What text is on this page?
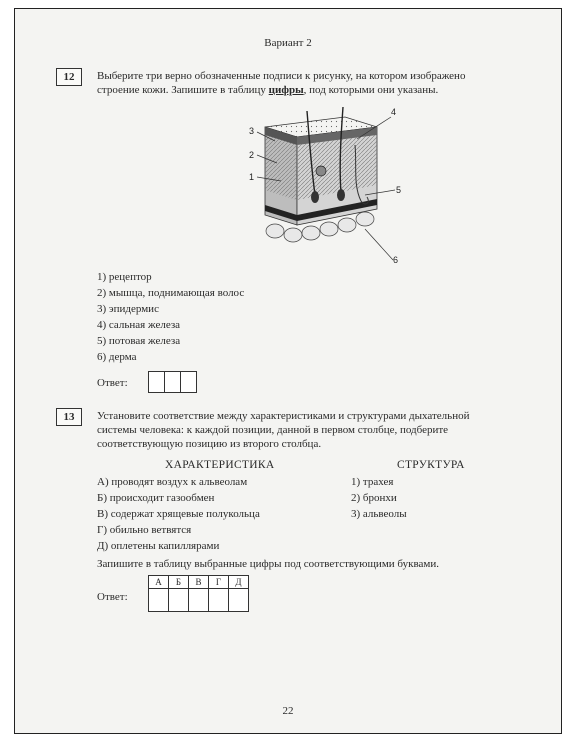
Вариант 2
12	Выберите три верно обозначенные подписи к рисунку, на котором изображено
строение кожи. Запишите в таблицу цифры, под которыми они указаны.
1
2
3
4
5
6
1) рецептор
2) мышца, поднимающая волос
3) эпидермис
4) сальная железа
5) потовая железа
6) дерма
Ответ:
13	Установите соответствие между характеристиками и структурами дыхательной
системы человека: к каждой позиции, данной в первом столбце, подберите
соответствующую позицию из второго столбца.
ХАРАКТЕРИСТИКА	СТРУКТУРА
А) проводят воздух к альвеолам
Б) происходит газообмен
В) содержат хрящевые полукольца
Г) обильно ветвятся
Д) оплетены капиллярами
1) трахея
2) бронхи
3) альвеолы
Запишите в таблицу выбранные цифры под соответствующими буквами.
Ответ:
А	Б	В	Г	Д

22
